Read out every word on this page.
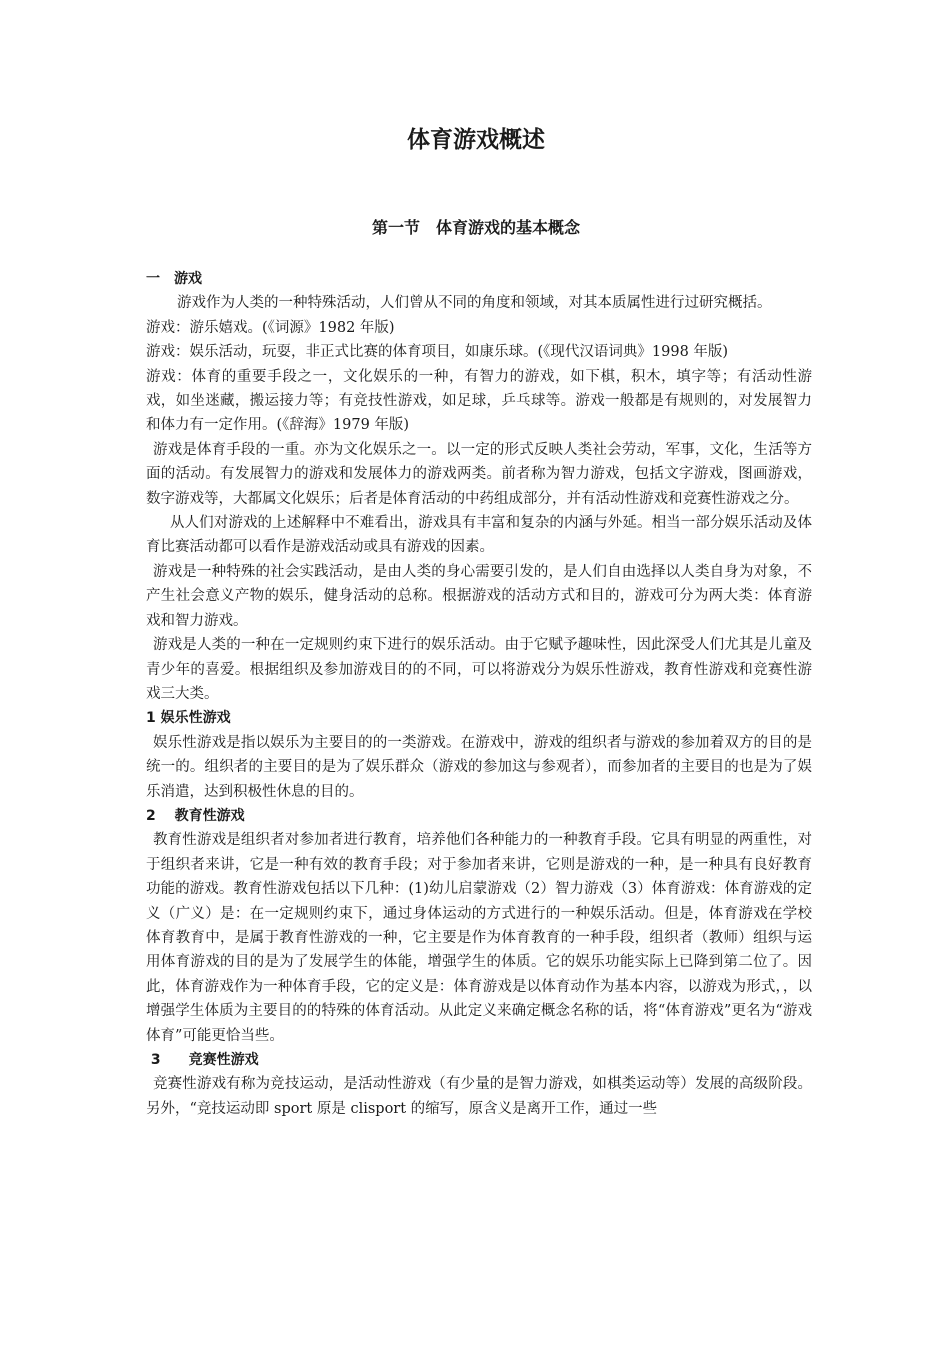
体育游戏概述
第一节　体育游戏的基本概念
一　游戏

游戏作为人类的一种特殊活动，人们曾从不同的角度和领域，对其本质属性进行过研究概括。

游戏：游乐嬉戏。(《词源》1982 年版)

游戏：娱乐活动，玩耍，非正式比赛的体育项目，如康乐球。(《现代汉语词典》1998 年版)

游戏：体育的重要手段之一，文化娱乐的一种，有智力的游戏，如下棋，积木，填字等；有活动性游戏，如坐迷藏，搬运接力等；有竞技性游戏，如足球，乒乓球等。游戏一般都是有规则的，对发展智力和体力有一定作用。(《辞海》1979 年版)

游戏是体育手段的一重。亦为文化娱乐之一。以一定的形式反映人类社会劳动，军事，文化，生活等方面的活动。有发展智力的游戏和发展体力的游戏两类。前者称为智力游戏，包括文字游戏，图画游戏，数字游戏等，大都属文化娱乐；后者是体育活动的中药组成部分，并有活动性游戏和竞赛性游戏之分。

从人们对游戏的上述解释中不难看出，游戏具有丰富和复杂的内涵与外延。相当一部分娱乐活动及体育比赛活动都可以看作是游戏活动或具有游戏的因素。

游戏是一种特殊的社会实践活动，是由人类的身心需要引发的，是人们自由选择以人类自身为对象，不产生社会意义产物的娱乐，健身活动的总称。根据游戏的活动方式和目的，游戏可分为两大类：体育游戏和智力游戏。

游戏是人类的一种在一定规则约束下进行的娱乐活动。由于它赋予趣味性，因此深受人们尤其是儿童及青少年的喜爱。根据组织及参加游戏目的的不同，可以将游戏分为娱乐性游戏，教育性游戏和竞赛性游戏三大类。

1 娱乐性游戏

娱乐性游戏是指以娱乐为主要目的的一类游戏。在游戏中，游戏的组织者与游戏的参加着双方的目的是统一的。组织者的主要目的是为了娱乐群众（游戏的参加这与参观者），而参加者的主要目的也是为了娱乐消遣，达到积极性休息的目的。

2　 教育性游戏

教育性游戏是组织者对参加者进行教育，培养他们各种能力的一种教育手段。它具有明显的两重性，对于组织者来讲，它是一种有效的教育手段；对于参加者来讲，它则是游戏的一种，是一种具有良好教育功能的游戏。教育性游戏包括以下几种：(1)幼儿启蒙游戏（2）智力游戏（3）体育游戏：体育游戏的定义（广义）是：在一定规则约束下，通过身体运动的方式进行的一种娱乐活动。但是，体育游戏在学校体育教育中，是属于教育性游戏的一种，它主要是作为体育教育的一种手段，组织者（教师）组织与运用体育游戏的目的是为了发展学生的体能，增强学生的体质。它的娱乐功能实际上已降到第二位了。因此，体育游戏作为一种体育手段，它的定义是：体育游戏是以体育动作为基本内容，以游戏为形式，，以增强学生体质为主要目的的特殊的体育活动。从此定义来确定概念名称的话，将“体育游戏”更名为“游戏体育”可能更恰当些。

3　　竞赛性游戏

竞赛性游戏有称为竞技运动，是活动性游戏（有少量的是智力游戏，如棋类运动等）发展的高级阶段。另外，“竞技运动即 sport 原是 clisport 的缩写，原含义是离开工作，通过一些
